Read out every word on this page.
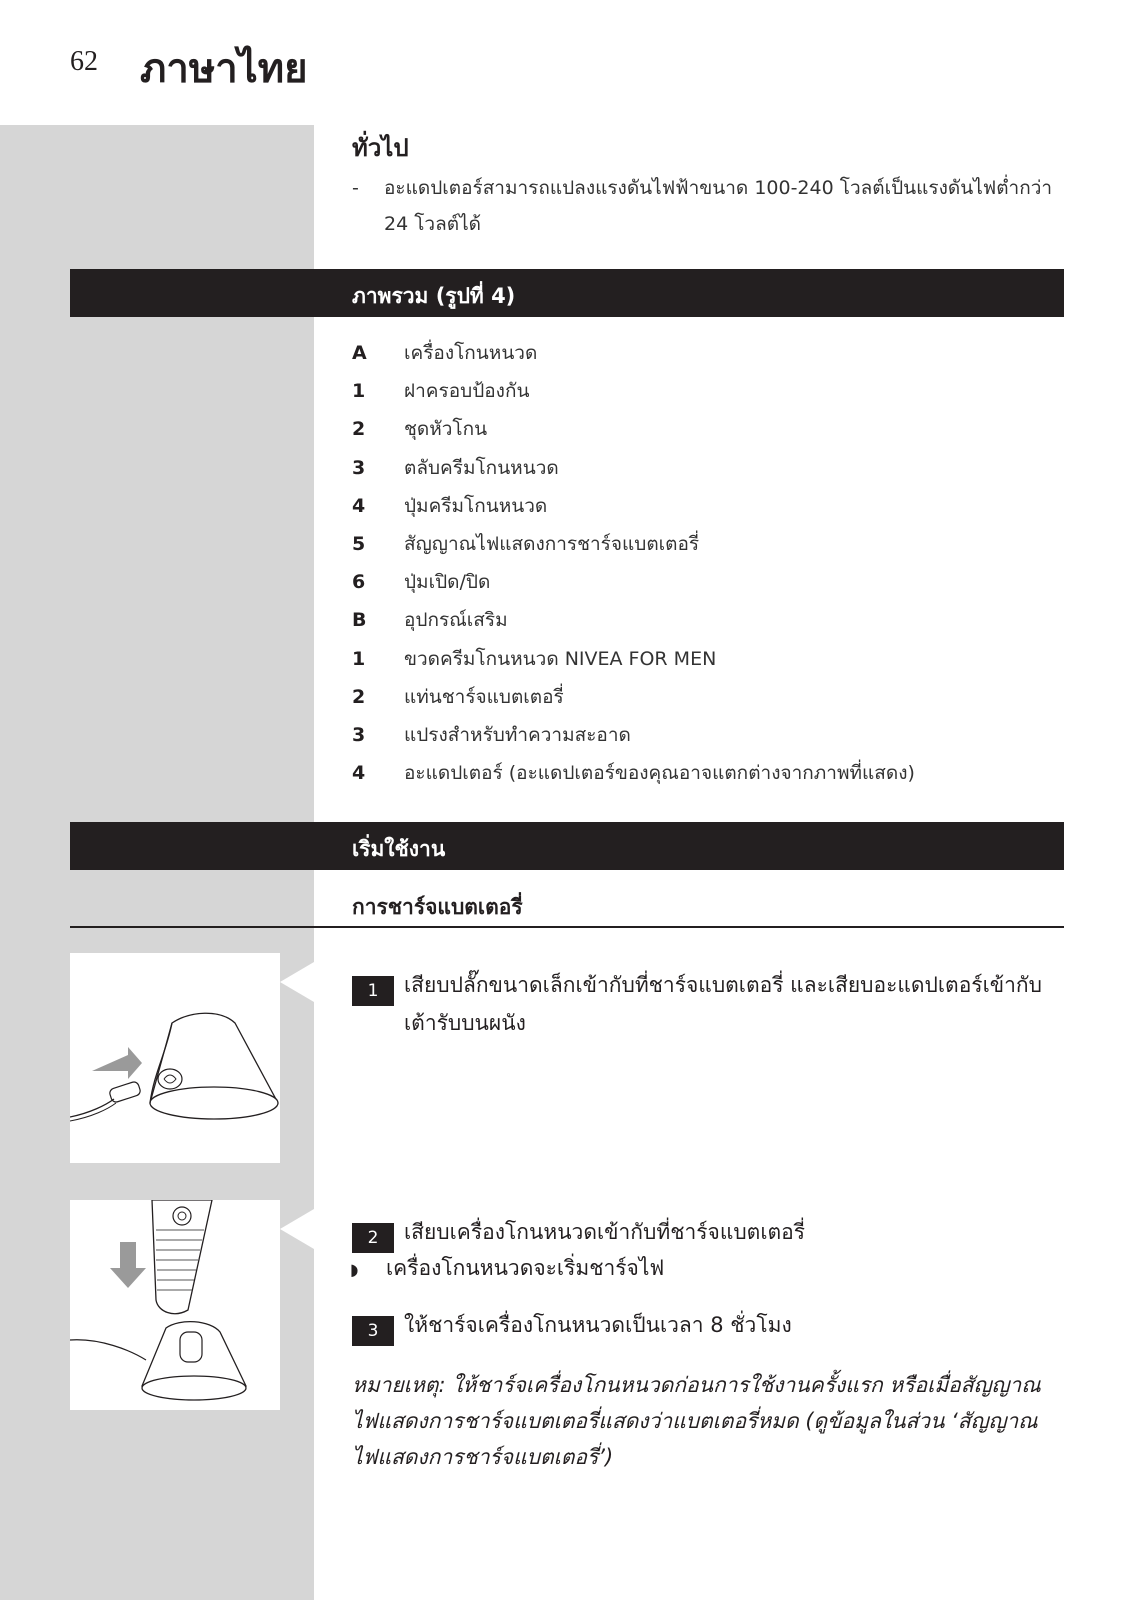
62 ภาษาไทย
ทั่วไป
- อะแดปเตอร์สามารถแปลงแรงดันไฟฟ้าขนาด 100-240 โวลต์เป็นแรงดันไฟต่ำกว่า 24 โวลต์ได้
ภาพรวม (รูปที่ 4)
A เครื่องโกนหนวด
1 ฝาครอบป้องกัน
2 ชุดหัวโกน
3 ตลับครีมโกนหนวด
4 ปุ่มครีมโกนหนวด
5 สัญญาณไฟแสดงการชาร์จแบตเตอรี่
6 ปุ่มเปิด/ปิด
B อุปกรณ์เสริม
1 ขวดครีมโกนหนวด NIVEA FOR MEN
2 แท่นชาร์จแบตเตอรี่
3 แปรงสำหรับทำความสะอาด
4 อะแดปเตอร์ (อะแดปเตอร์ของคุณอาจแตกต่างจากภาพที่แสดง)
เริ่มใช้งาน
การชาร์จแบตเตอรี่
1	เสียบปลั๊กขนาดเล็กเข้ากับที่ชาร์จแบตเตอรี่ และเสียบอะแดปเตอร์เข้ากับเต้ารับบนผนัง
2	เสียบเครื่องโกนหนวดเข้ากับที่ชาร์จแบตเตอรี่
◗ เครื่องโกนหนวดจะเริ่มชาร์จไฟ
3	ให้ชาร์จเครื่องโกนหนวดเป็นเวลา 8 ชั่วโมง
หมายเหตุ: ให้ชาร์จเครื่องโกนหนวดก่อนการใช้งานครั้งแรก หรือเมื่อสัญญาณไฟแสดงการชาร์จแบตเตอรี่แสดงว่าแบตเตอรี่หมด (ดูข้อมูลในส่วน ‘สัญญาณไฟแสดงการชาร์จแบตเตอรี่’)
